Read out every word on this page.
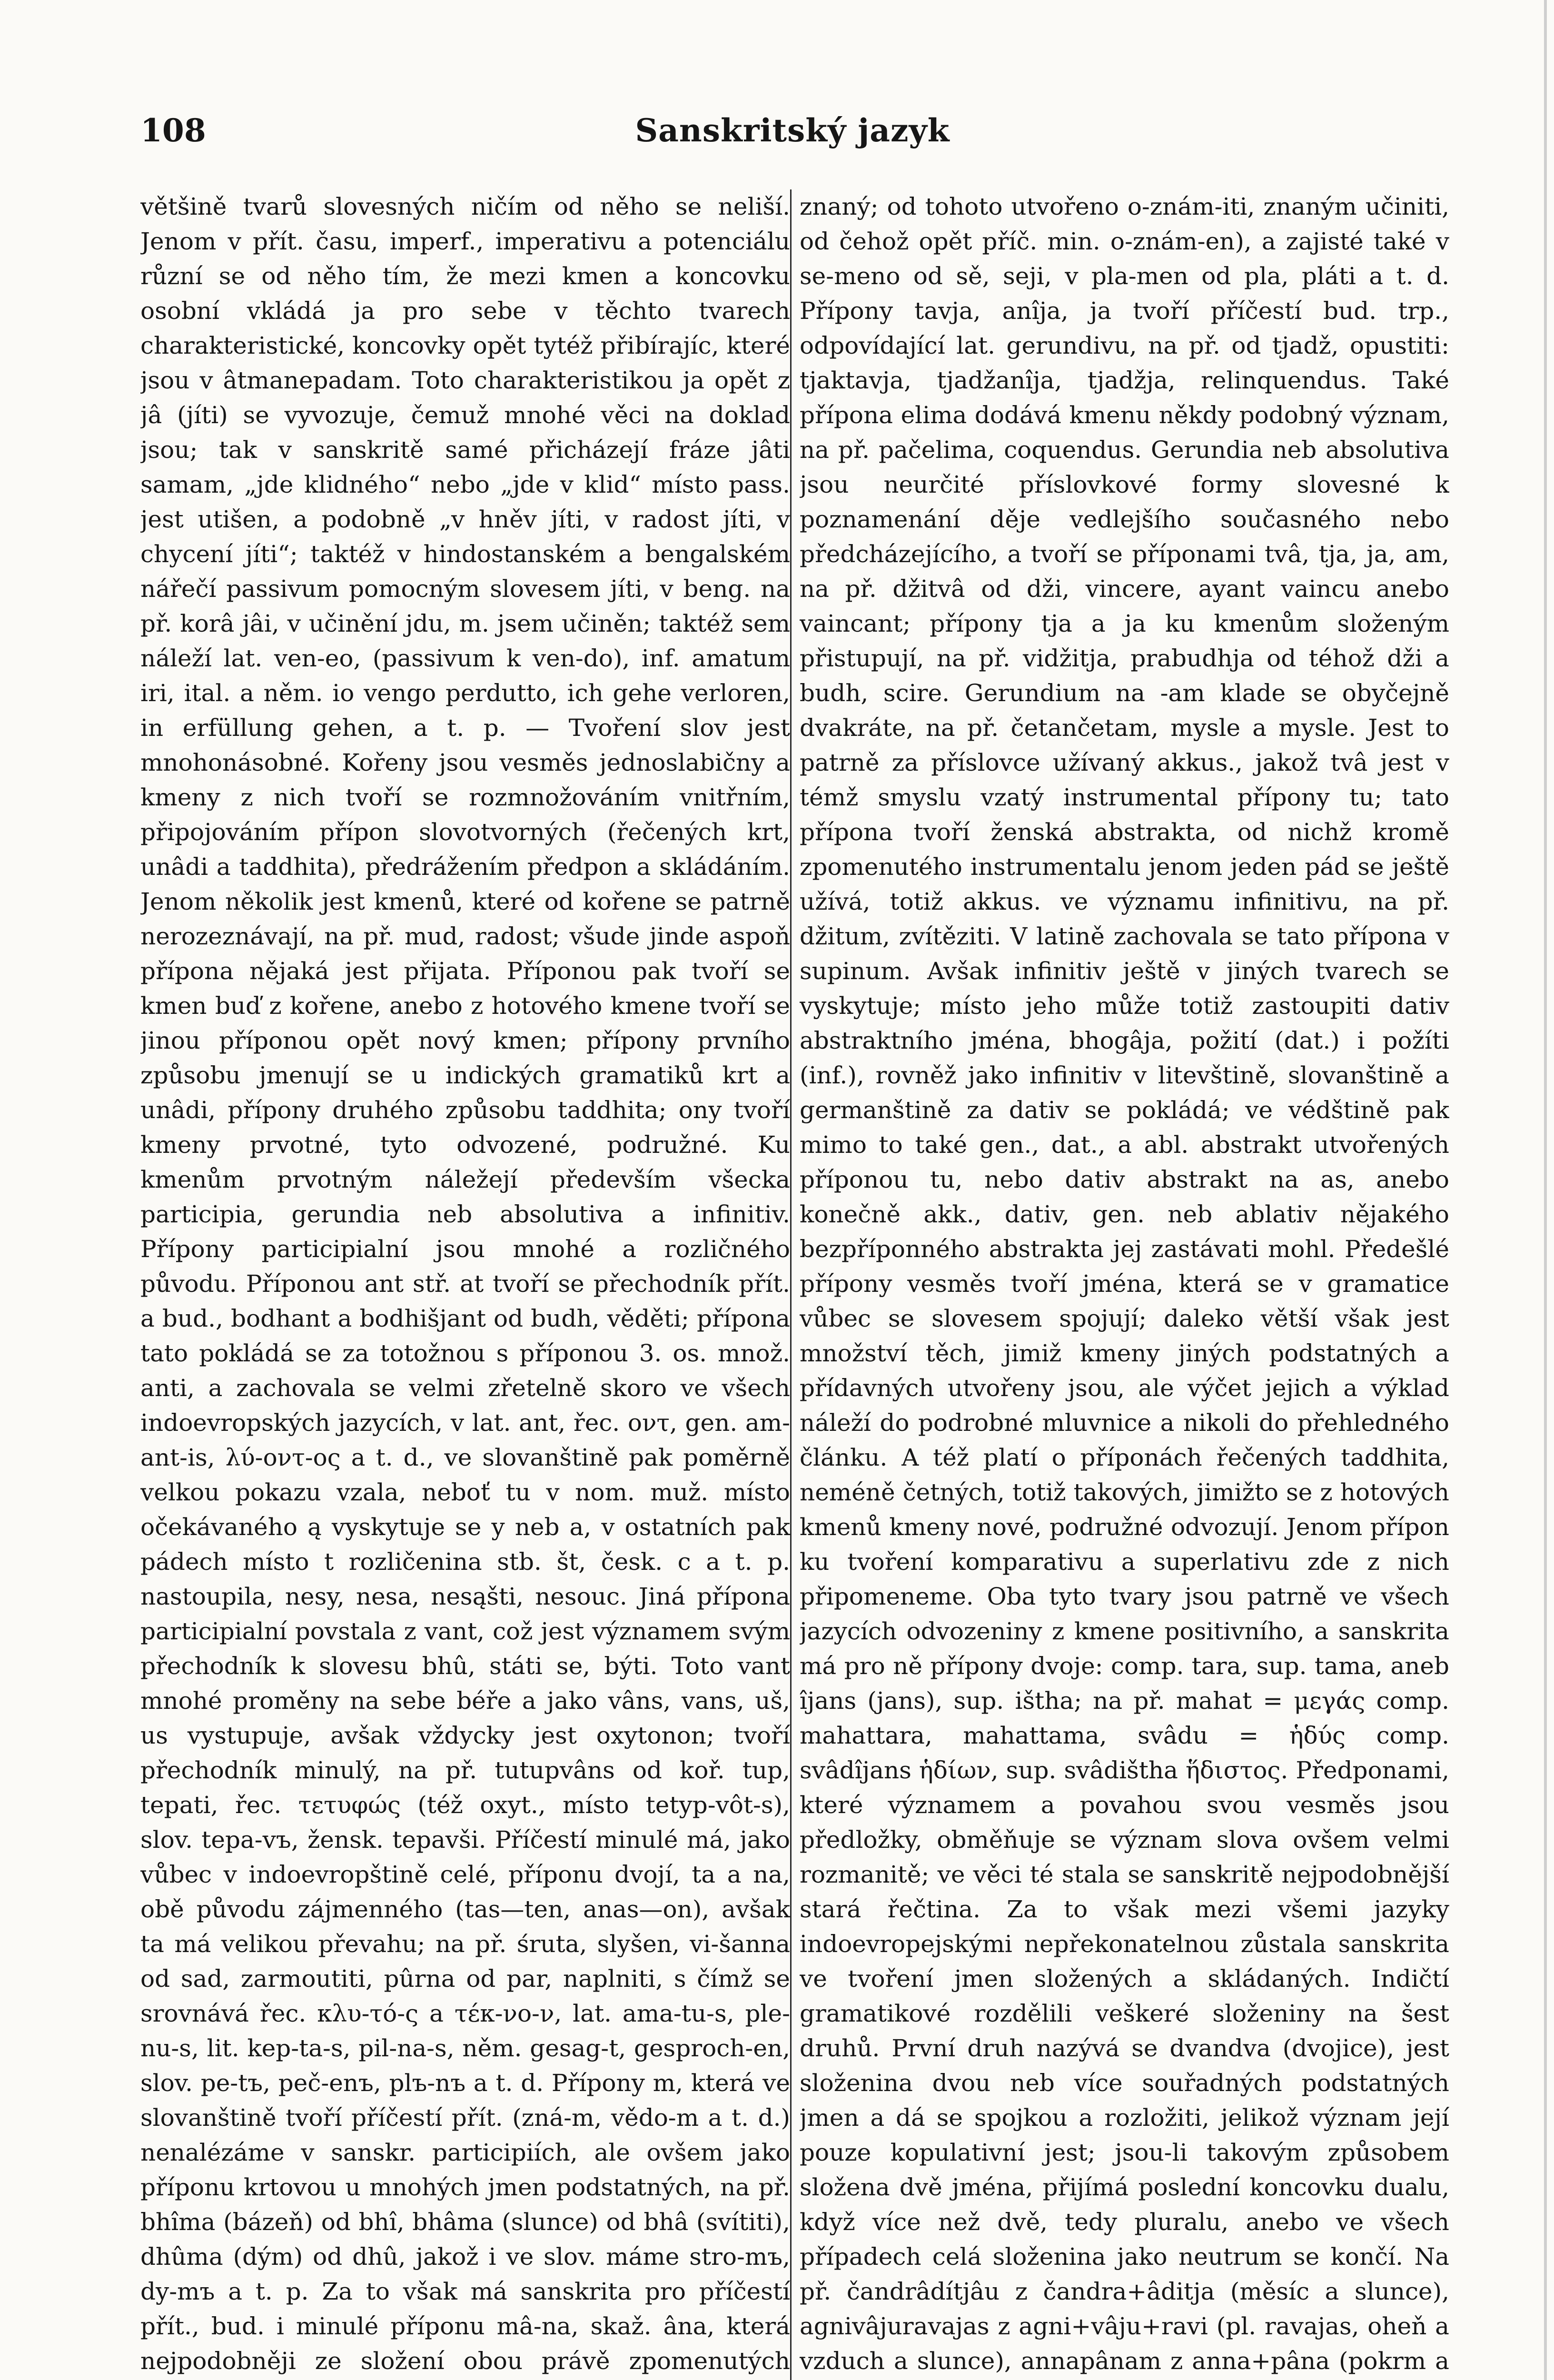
108	Sanskritský jazyk

většině tvarů slovesných ničím od něho se neliší. Jenom v přít. času, imperf., imperativu a potenciálu různí se od něho tím, že mezi kmen a koncovku osobní vkládá ja pro sebe v těchto tvarech charakteristické, koncovky opět tytéž přibírajíc, které jsou v âtmanepadam. Toto charakteristikou ja opět z jâ (jíti) se vyvozuje, čemuž mnohé věci na doklad jsou; tak v sanskritě samé přicházejí fráze jâti samam, „jde klidného“ nebo „jde v klid“ místo pass. jest utišen, a podobně „v hněv jíti, v radost jíti, v chycení jíti“; taktéž v hindostanském a bengalském nářečí passivum pomocným slovesem jíti, v beng. na př. korâ jâi, v učinění jdu, m. jsem učiněn; taktéž sem náleží lat. ven-eo, (passivum k ven-do), inf. amatum iri, ital. a něm. io vengo perdutto, ich gehe verloren, in erfüllung gehen, a t. p. — Tvoření slov jest mnohonásobné. Kořeny jsou vesměs jednoslabičny a kmeny z nich tvoří se rozmnožováním vnitřním, připojováním přípon slovotvorných (řečených krt, unâdi a taddhita), předrážením předpon a skládáním. Jenom několik jest kmenů, které od kořene se patrně nerozeznávají, na př. mud, radost; všude jinde aspoň přípona nějaká jest přijata. Příponou pak tvoří se kmen buď z kořene, anebo z hotového kmene tvoří se jinou příponou opět nový kmen; přípony prvního způsobu jmenují se u indických gramatiků krt a unâdi, přípony druhého způsobu taddhita; ony tvoří kmeny prvotné, tyto odvozené, podružné. Ku kmenům prvotným náležejí především všecka participia, gerundia neb absolutiva a infinitiv. Přípony participialní jsou mnohé a rozličného původu. Příponou ant stř. at tvoří se přechodník přít. a bud., bodhant a bodhišjant od budh, věděti; přípona tato pokládá se za totožnou s příponou 3. os. množ. anti, a zachovala se velmi zřetelně skoro ve všech indoevropských jazycích, v lat. ant, řec. οντ, gen. am-ant-is, λύ-οντ-ος a t. d., ve slovanštině pak poměrně velkou pokazu vzala, neboť tu v nom. muž. místo očekávaného ą vyskytuje se y neb a, v ostatních pak pádech místo t rozličenina stb. št, česk. c a t. p. nastoupila, nesy, nesa, nesąšti, nesouc. Jiná přípona participialní povstala z vant, což jest významem svým přechodník k slovesu bhû, státi se, býti. Toto vant mnohé proměny na sebe béře a jako vâns, vans, uš, us vystupuje, avšak vždycky jest oxytonon; tvoří přechodník minulý, na př. tutupvâns od koř. tup, tepati, řec. τετυφώς (též oxyt., místo tetyp-vôt-s), slov. tepa-vъ, žensk. tepavši. Příčestí minulé má, jako vůbec v indoevropštině celé, příponu dvojí, ta a na, obě původu zájmenného (tas—ten, anas—on), avšak ta má velikou převahu; na př. śruta, slyšen, vi-šanna od sad, zarmoutiti, pûrna od par, naplniti, s čímž se srovnává řec. κλυ-τό-ς a τέκ-νο-ν, lat. ama-tu-s, ple-nu-s, lit. kep-ta-s, pil-na-s, něm. gesag-t, gesproch-en, slov. pe-tъ, peč-enъ, plъ-nъ a t. d. Přípony m, která ve slovanštině tvoří příčestí přít. (zná-m, vědo-m a t. d.) nenalézáme v sanskr. participiích, ale ovšem jako příponu krtovou u mnohých jmen podstatných, na př. bhîma (bázeň) od bhî, bhâma (slunce) od bhâ (svítiti), dhûma (dým) od dhû, jakož i ve slov. máme stro-mъ, dy-mъ a t. p. Za to však má sanskrita pro příčestí přít., bud. i minulé příponu mâ-na, skaž. âna, která nejpodobněji ze složení obou právě zpomenutých

znaný; od tohoto utvořeno o-znám-iti, znaným učiniti, od čehož opět příč. min. o-znám-en), a zajisté také v se-meno od sě, seji, v pla-men od pla, pláti a t. d. Přípony tavja, anîja, ja tvoří příčestí bud. trp., odpovídající lat. gerundivu, na př. od tjadž, opustiti: tjaktavja, tjadžanîja, tjadžja, relinquendus. Také přípona elima dodává kmenu někdy podobný význam, na př. pačelima, coquendus. Gerundia neb absolutiva jsou neurčité příslovkové formy slovesné k poznamenání děje vedlejšího současného nebo předcházejícího, a tvoří se příponami tvâ, tja, ja, am, na př. džitvâ od dži, vincere, ayant vaincu anebo vaincant; přípony tja a ja ku kmenům složeným přistupují, na př. vidžitja, prabudhja od téhož dži a budh, scire. Gerundium na -am klade se obyčejně dvakráte, na př. četančetam, mysle a mysle. Jest to patrně za příslovce užívaný akkus., jakož tvâ jest v témž smyslu vzatý instrumental přípony tu; tato přípona tvoří ženská abstrakta, od nichž kromě zpomenutého instrumentalu jenom jeden pád se ještě užívá, totiž akkus. ve významu infinitivu, na př. džitum, zvítěziti. V latině zachovala se tato přípona v supinum. Avšak infinitiv ještě v jiných tvarech se vyskytuje; místo jeho může totiž zastoupiti dativ abstraktního jména, bhogâja, požití (dat.) i požíti (inf.), rovněž jako infinitiv v litevštině, slovanštině a germanštině za dativ se pokládá; ve védštině pak mimo to také gen., dat., a abl. abstrakt utvořených příponou tu, nebo dativ abstrakt na as, anebo konečně akk., dativ, gen. neb ablativ nějakého bezpříponného abstrakta jej zastávati mohl. Předešlé přípony vesměs tvoří jména, která se v gramatice vůbec se slovesem spojují; daleko větší však jest množství těch, jimiž kmeny jiných podstatných a přídavných utvořeny jsou, ale výčet jejich a výklad náleží do podrobné mluvnice a nikoli do přehledného článku. A též platí o příponách řečených taddhita, neméně četných, totiž takových, jimižto se z hotových kmenů kmeny nové, podružné odvozují. Jenom přípon ku tvoření komparativu a superlativu zde z nich připomeneme. Oba tyto tvary jsou patrně ve všech jazycích odvozeniny z kmene positivního, a sanskrita má pro ně přípony dvoje: comp. tara, sup. tama, aneb îjans (jans), sup. ištha; na př. mahat = μεγάς comp. mahattara, mahattama, svâdu = ἡδύς comp. svâdîjans ἡδίων, sup. svâdištha ἥδιστος. Předponami, které významem a povahou svou vesměs jsou předložky, obměňuje se význam slova ovšem velmi rozmanitě; ve věci té stala se sanskritě nejpodobnější stará řečtina. Za to však mezi všemi jazyky indoevropejskými nepřekonatelnou zůstala sanskrita ve tvoření jmen složených a skládaných. Indičtí gramatikové rozdělili veškeré složeniny na šest druhů. První druh nazývá se dvandva (dvojice), jest složenina dvou neb více souřadných podstatných jmen a dá se spojkou a rozložiti, jelikož význam její pouze kopulativní jest; jsou-li takovým způsobem složena dvě jména, přijímá poslední koncovku dualu, když více než dvě, tedy pluralu, anebo ve všech případech celá složenina jako neutrum se končí. Na př. čandrâdítjâu z čandra+âditja (měsíc a slunce), agnivâjuravajas z agni+vâju+ravi (pl. ravajas, oheň a vzduch a slunce), annapânam z anna+pâna (pokrm a
